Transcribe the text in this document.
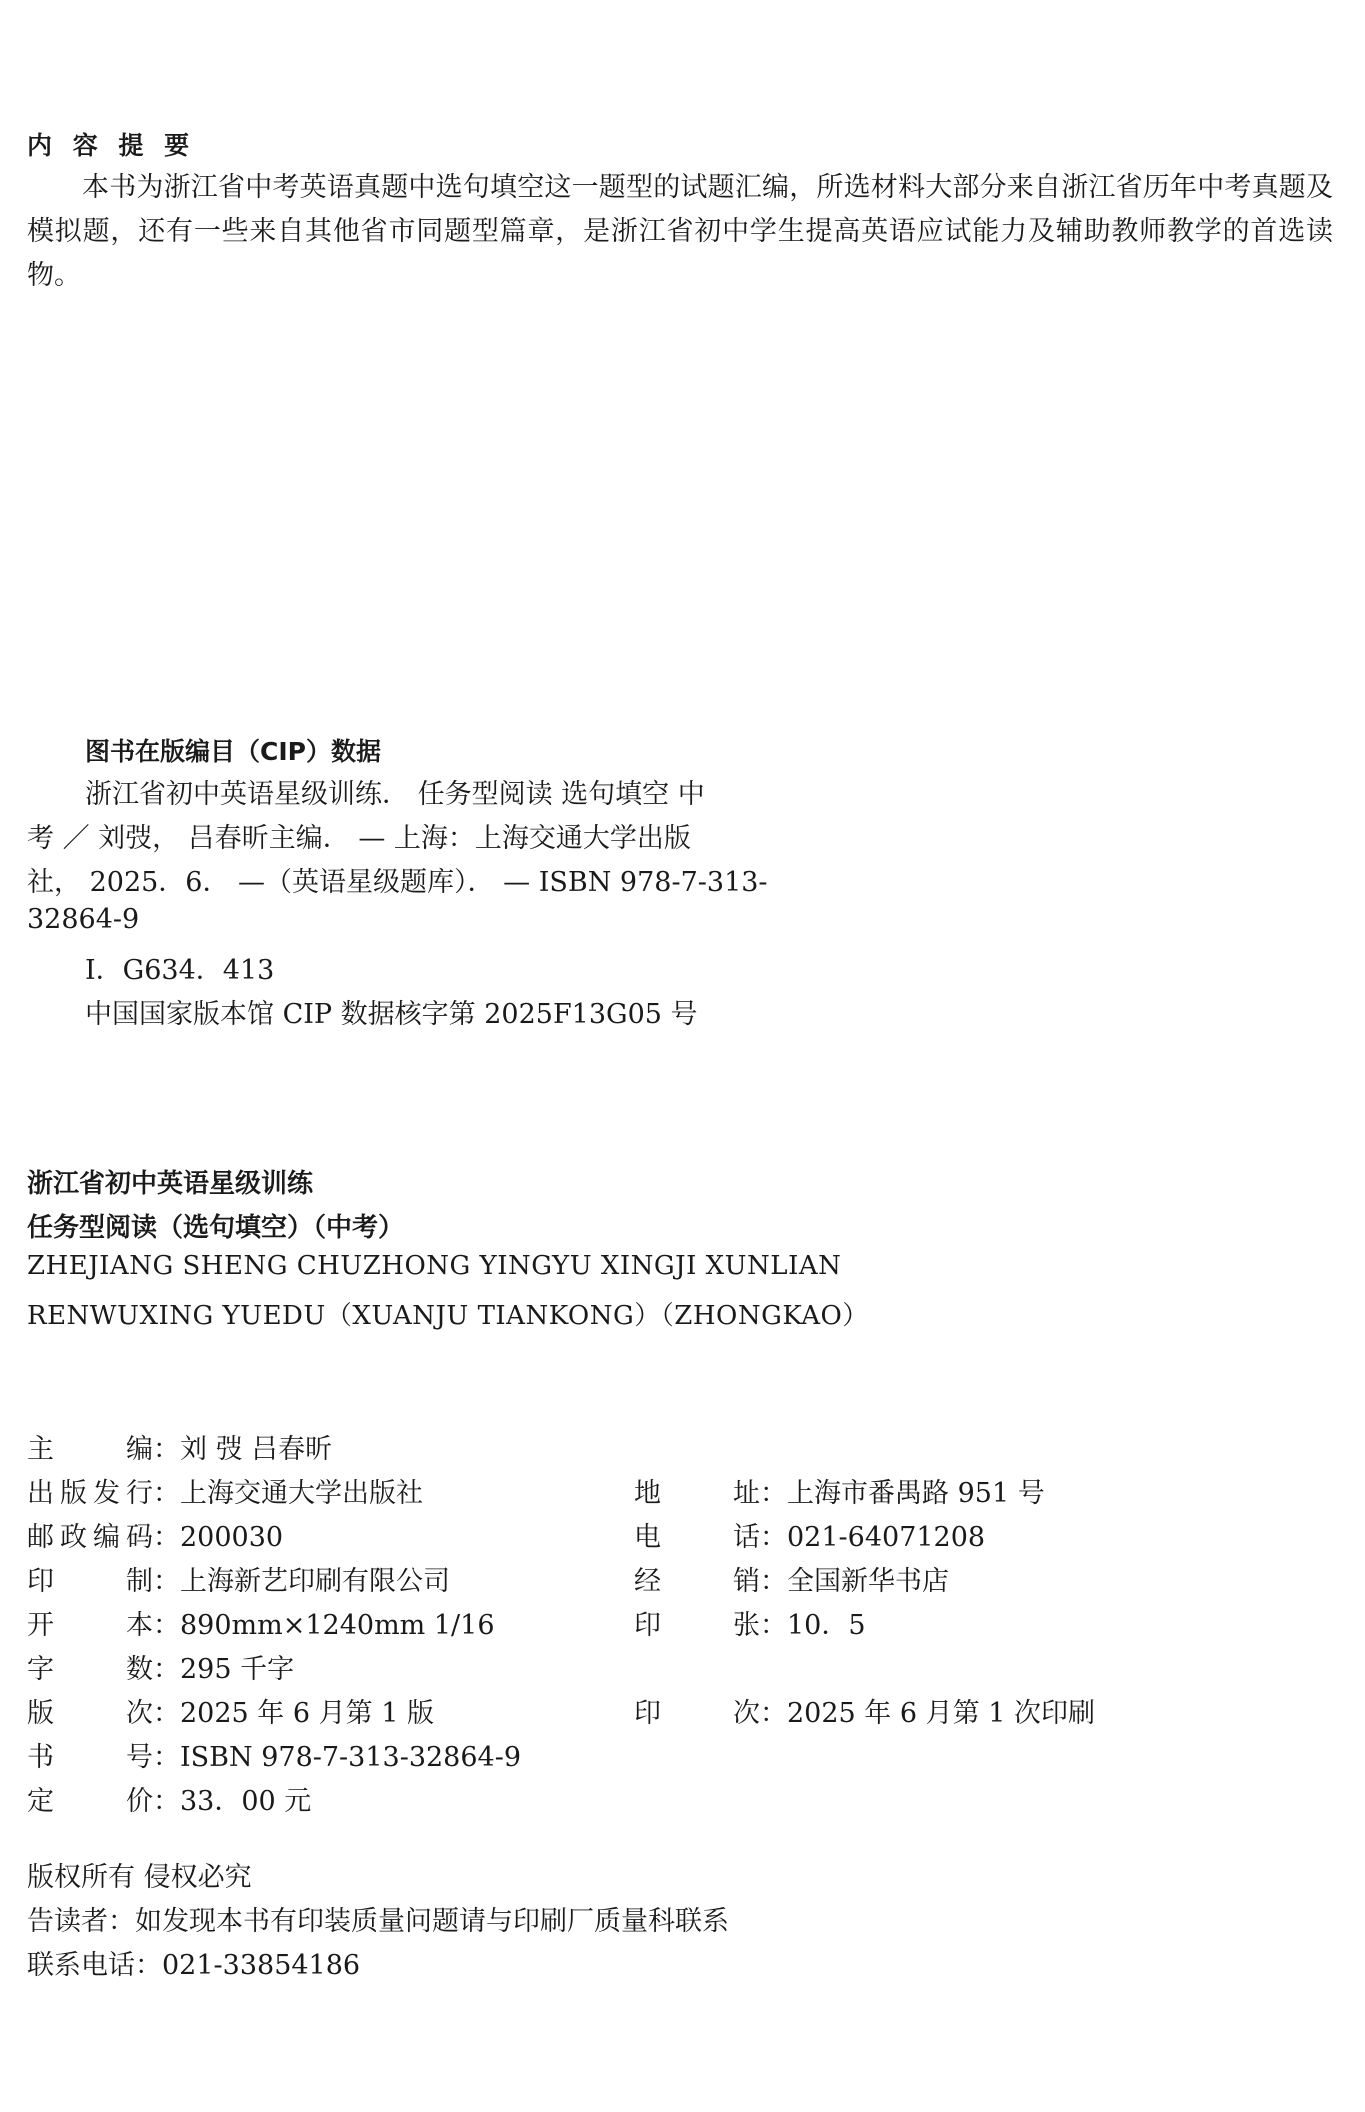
内 容 提 要
本书为浙江省中考英语真题中选句填空这一题型的试题汇编，所选材料大部分来自浙江省历年中考真题及模拟题，还有一些来自其他省市同题型篇章，是浙江省初中学生提高英语应试能力及辅助教师教学的首选读物。
图书在版编目（CIP）数据
浙江省初中英语星级训练． 任务型阅读 选句填空 中
考 ／ 刘弢， 吕春昕主编． — 上海：上海交通大学出版
社， 2025．6． —（英语星级题库）． — ISBN 978-7-313-
32864-9
Ⅰ．G634．413
中国国家版本馆 CIP 数据核字第 2025F13G05 号
浙江省初中英语星级训练
任务型阅读（选句填空）（中考）
ZHEJIANG SHENG CHUZHONG YINGYU XINGJI XUNLIAN
RENWUXING YUEDU（XUANJU TIANKONG）（ZHONGKAO）
主编：刘 弢 吕春昕
出版发行：上海交通大学出版社
邮政编码：200030
印制：上海新艺印刷有限公司
开本：890mm×1240mm 1/16
字数：295 千字
版次：2025 年 6 月第 1 版
书号：ISBN 978-7-313-32864-9
定价：33．00 元
地址：上海市番禺路 951 号
电话：021-64071208
经销：全国新华书店
印张：10．5
印次：2025 年 6 月第 1 次印刷
版权所有 侵权必究
告读者：如发现本书有印装质量问题请与印刷厂质量科联系
联系电话：021-33854186
